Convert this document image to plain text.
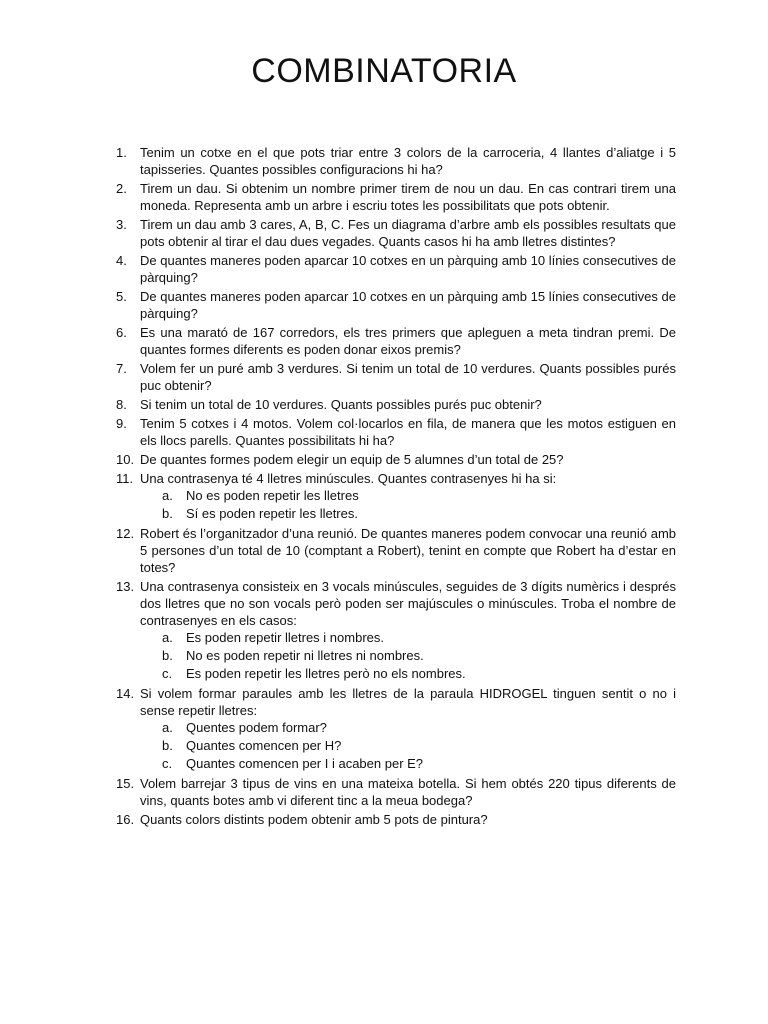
COMBINATORIA
1.	Tenim un cotxe en el que pots triar entre 3 colors de la carroceria, 4 llantes d’aliatge i 5 tapisseries. Quantes possibles configuracions hi ha?
2.	Tirem un dau. Si obtenim un nombre primer tirem de nou un dau. En cas contrari tirem una moneda. Representa amb un arbre i escriu totes les possibilitats que pots obtenir.
3.	Tirem un dau amb 3 cares, A, B, C. Fes un diagrama d’arbre amb els possibles resultats que pots obtenir al tirar el dau dues vegades. Quants casos hi ha amb lletres distintes?
4.	De quantes maneres poden aparcar 10 cotxes en un pàrquing amb 10 línies consecutives de pàrquing?
5.	De quantes maneres poden aparcar 10 cotxes en un pàrquing amb 15 línies consecutives de pàrquing?
6.	Es una marató de 167 corredors, els tres primers que apleguen a meta tindran premi. De quantes formes diferents es poden donar eixos premis?
7.	Volem fer un puré amb 3 verdures. Si tenim un total de 10 verdures. Quants possibles purés puc obtenir?
8.	Si tenim un total de 10 verdures. Quants possibles purés puc obtenir?
9.	Tenim 5 cotxes i 4 motos. Volem col·locarlos en fila, de manera que les motos estiguen en els llocs parells. Quantes possibilitats hi ha?
10. De quantes formes podem elegir un equip de 5 alumnes d’un total de 25?
11. Una contrasenya té 4 lletres minúscules. Quantes contrasenyes hi ha si:
a. No es poden repetir les lletres
b. Sí es poden repetir les lletres.
12. Robert és l’organitzador d’una reunió. De quantes maneres podem convocar una reunió amb 5 persones d’un total de 10 (comptant a Robert), tenint en compte que Robert ha d’estar en totes?
13. Una contrasenya consisteix en 3 vocals minúscules, seguides de 3 dígits numèrics i després dos lletres que no son vocals però poden ser majúscules o minúscules. Troba el nombre de contrasenyes en els casos:
a. Es poden repetir lletres i nombres.
b. No es poden repetir ni lletres ni nombres.
c. Es poden repetir les lletres però no els nombres.
14. Si volem formar paraules amb les lletres de la paraula HIDROGEL tinguen sentit o no i sense repetir lletres:
a. Quentes podem formar?
b. Quantes comencen per H?
c. Quantes comencen per I i acaben per E?
15. Volem barrejar 3 tipus de vins en una mateixa botella. Si hem obtés 220 tipus diferents de vins, quants botes amb vi diferent tinc a la meua bodega?
16. Quants colors distints podem obtenir amb 5 pots de pintura?
